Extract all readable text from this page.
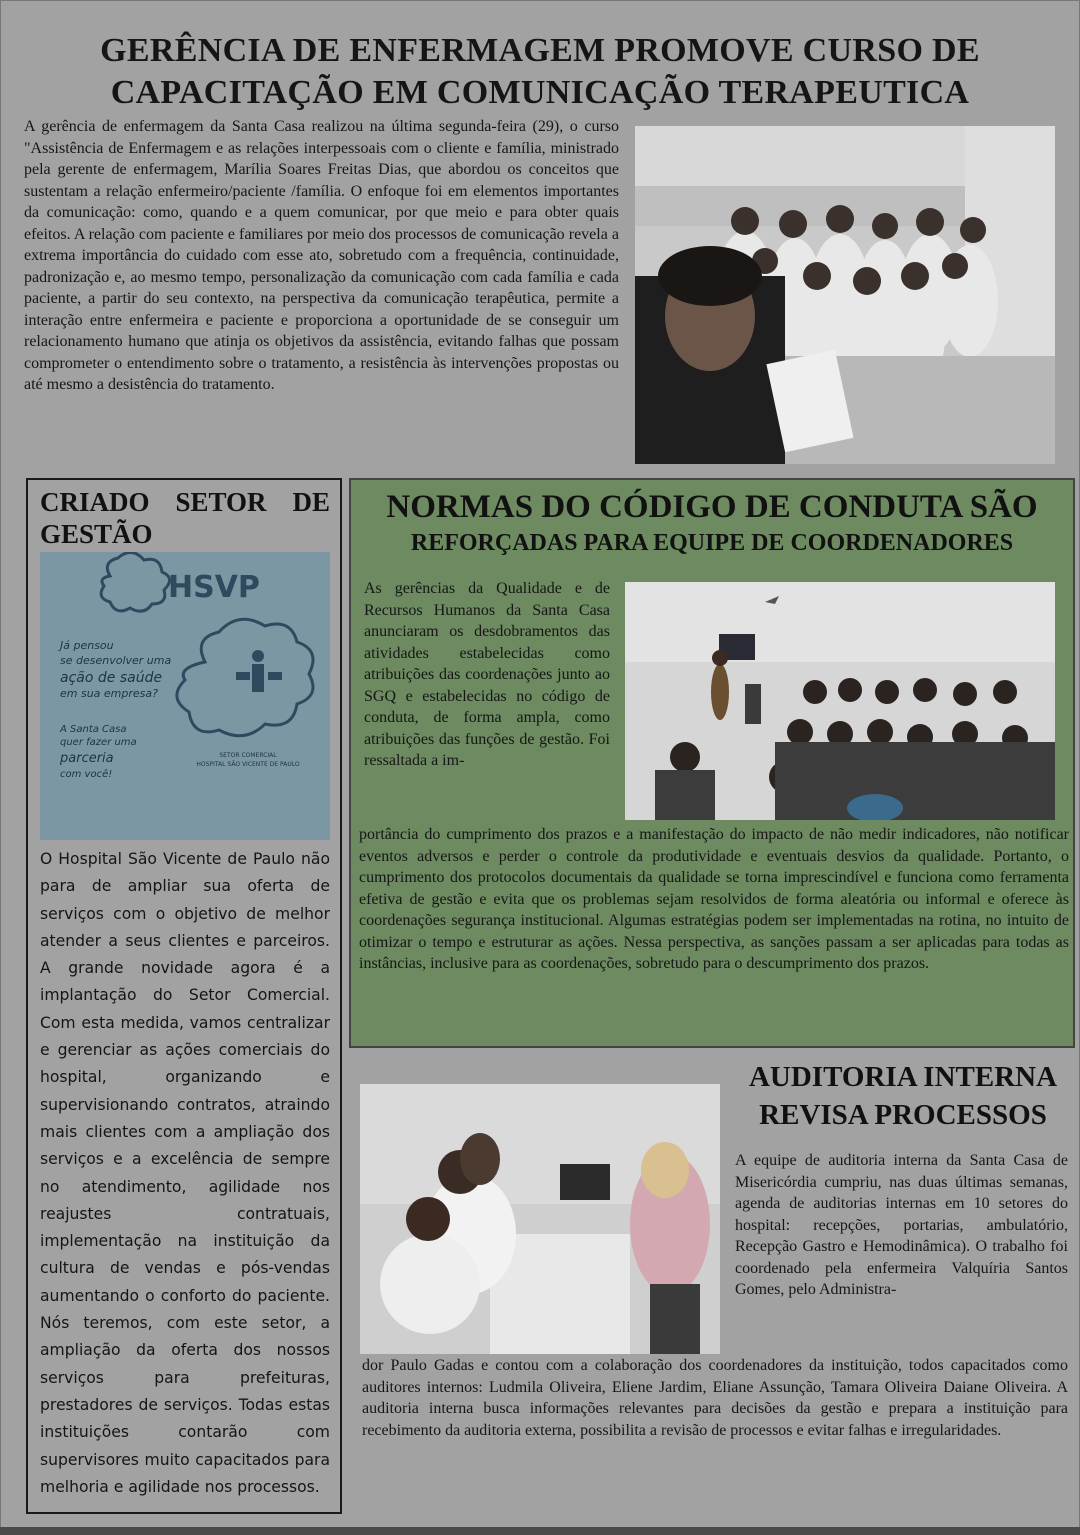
GERÊNCIA DE ENFERMAGEM PROMOVE CURSO DE
CAPACITAÇÃO EM COMUNICAÇÃO TERAPEUTICA

A gerência de enfermagem da Santa Casa realizou na última segunda-feira (29), o curso "Assistência de Enfermagem e as relações interpessoais com o cliente e família, ministrado pela gerente de enfermagem, Marília Soares Freitas Dias, que abordou os conceitos que sustentam a relação enfermeiro/paciente /família. O enfoque foi em elementos importantes da comunicação: como, quando e a quem comunicar, por que meio e para obter quais efeitos. A relação com paciente e familiares por meio dos processos de comunicação revela a extrema importância do cuidado com esse ato, sobretudo com a frequência, continuidade, padronização e, ao mesmo tempo, personalização da comunicação com cada família e cada paciente, a partir do seu contexto, na perspectiva da comunicação terapêutica, permite a interação entre enfermeira e paciente e proporciona a oportunidade de se conseguir um relacionamento humano que atinja os objetivos da assistência, evitando falhas que possam comprometer o entendimento sobre o tratamento, a resistência às intervenções propostas ou até mesmo a desistência do tratamento.

CRIADO SETOR DE GESTÃO
HSVP
Já pensou
se desenvolver uma
ação de saúde
em sua empresa?
A Santa Casa
quer fazer uma
parceria
com você!
SETOR COMERCIAL
HOSPITAL SÃO VICENTE DE PAULO

O Hospital São Vicente de Paulo não para de ampliar sua oferta de serviços com o objetivo de melhor atender a seus clientes e parceiros. A grande novidade agora é a implantação do Setor Comercial. Com esta medida, vamos centralizar e gerenciar as ações comerciais do hospital, organizando e supervisionando contratos, atraindo mais clientes com a ampliação dos serviços e a excelência de sempre no atendimento, agilidade nos reajustes contratuais, implementação na instituição da cultura de vendas e pós-vendas aumentando o conforto do paciente. Nós teremos, com este setor, a ampliação da oferta dos nossos serviços para prefeituras, prestadores de serviços. Todas estas instituições contarão com supervisores muito capacitados para melhoria e agilidade nos processos.

NORMAS DO CÓDIGO DE CONDUTA SÃO
REFORÇADAS PARA EQUIPE DE COORDENADORES

As gerências da Qualidade e de Recursos Humanos da Santa Casa anunciaram os desdobramentos das atividades estabelecidas como atribuições das coordenações junto ao SGQ e estabelecidas no código de conduta, de forma ampla, como atribuições das funções de gestão. Foi ressaltada a im-

portância do cumprimento dos prazos e a manifestação do impacto de não medir indicadores, não notificar eventos adversos e perder o controle da produtividade e eventuais desvios da qualidade. Portanto, o cumprimento dos protocolos documentais da qualidade se torna imprescindível e funciona como ferramenta efetiva de gestão e evita que os problemas sejam resolvidos de forma aleatória ou informal e oferece às coordenações segurança institucional. Algumas estratégias podem ser implementadas na rotina, no intuito de otimizar o tempo e estruturar as ações. Nessa perspectiva, as sanções passam a ser aplicadas para todas as instâncias, inclusive para as coordenações, sobretudo para o descumprimento dos prazos.

AUDITORIA INTERNA
REVISA PROCESSOS

A equipe de auditoria interna da Santa Casa de Misericórdia cumpriu, nas duas últimas semanas, agenda de auditorias internas em 10 setores do hospital: recepções, portarias, ambulatório, Recepção Gastro e Hemodinâmica). O trabalho foi coordenado pela enfermeira Valquíria Santos Gomes, pelo Administra-

dor Paulo Gadas e contou com a colaboração dos coordenadores da instituição, todos capacitados como auditores internos: Ludmila Oliveira, Eliene Jardim, Eliane Assunção, Tamara Oliveira Daiane Oliveira. A auditoria interna busca informações relevantes para decisões da gestão e prepara a instituição para recebimento da auditoria externa, possibilita a revisão de processos e evitar falhas e irregularidades.
